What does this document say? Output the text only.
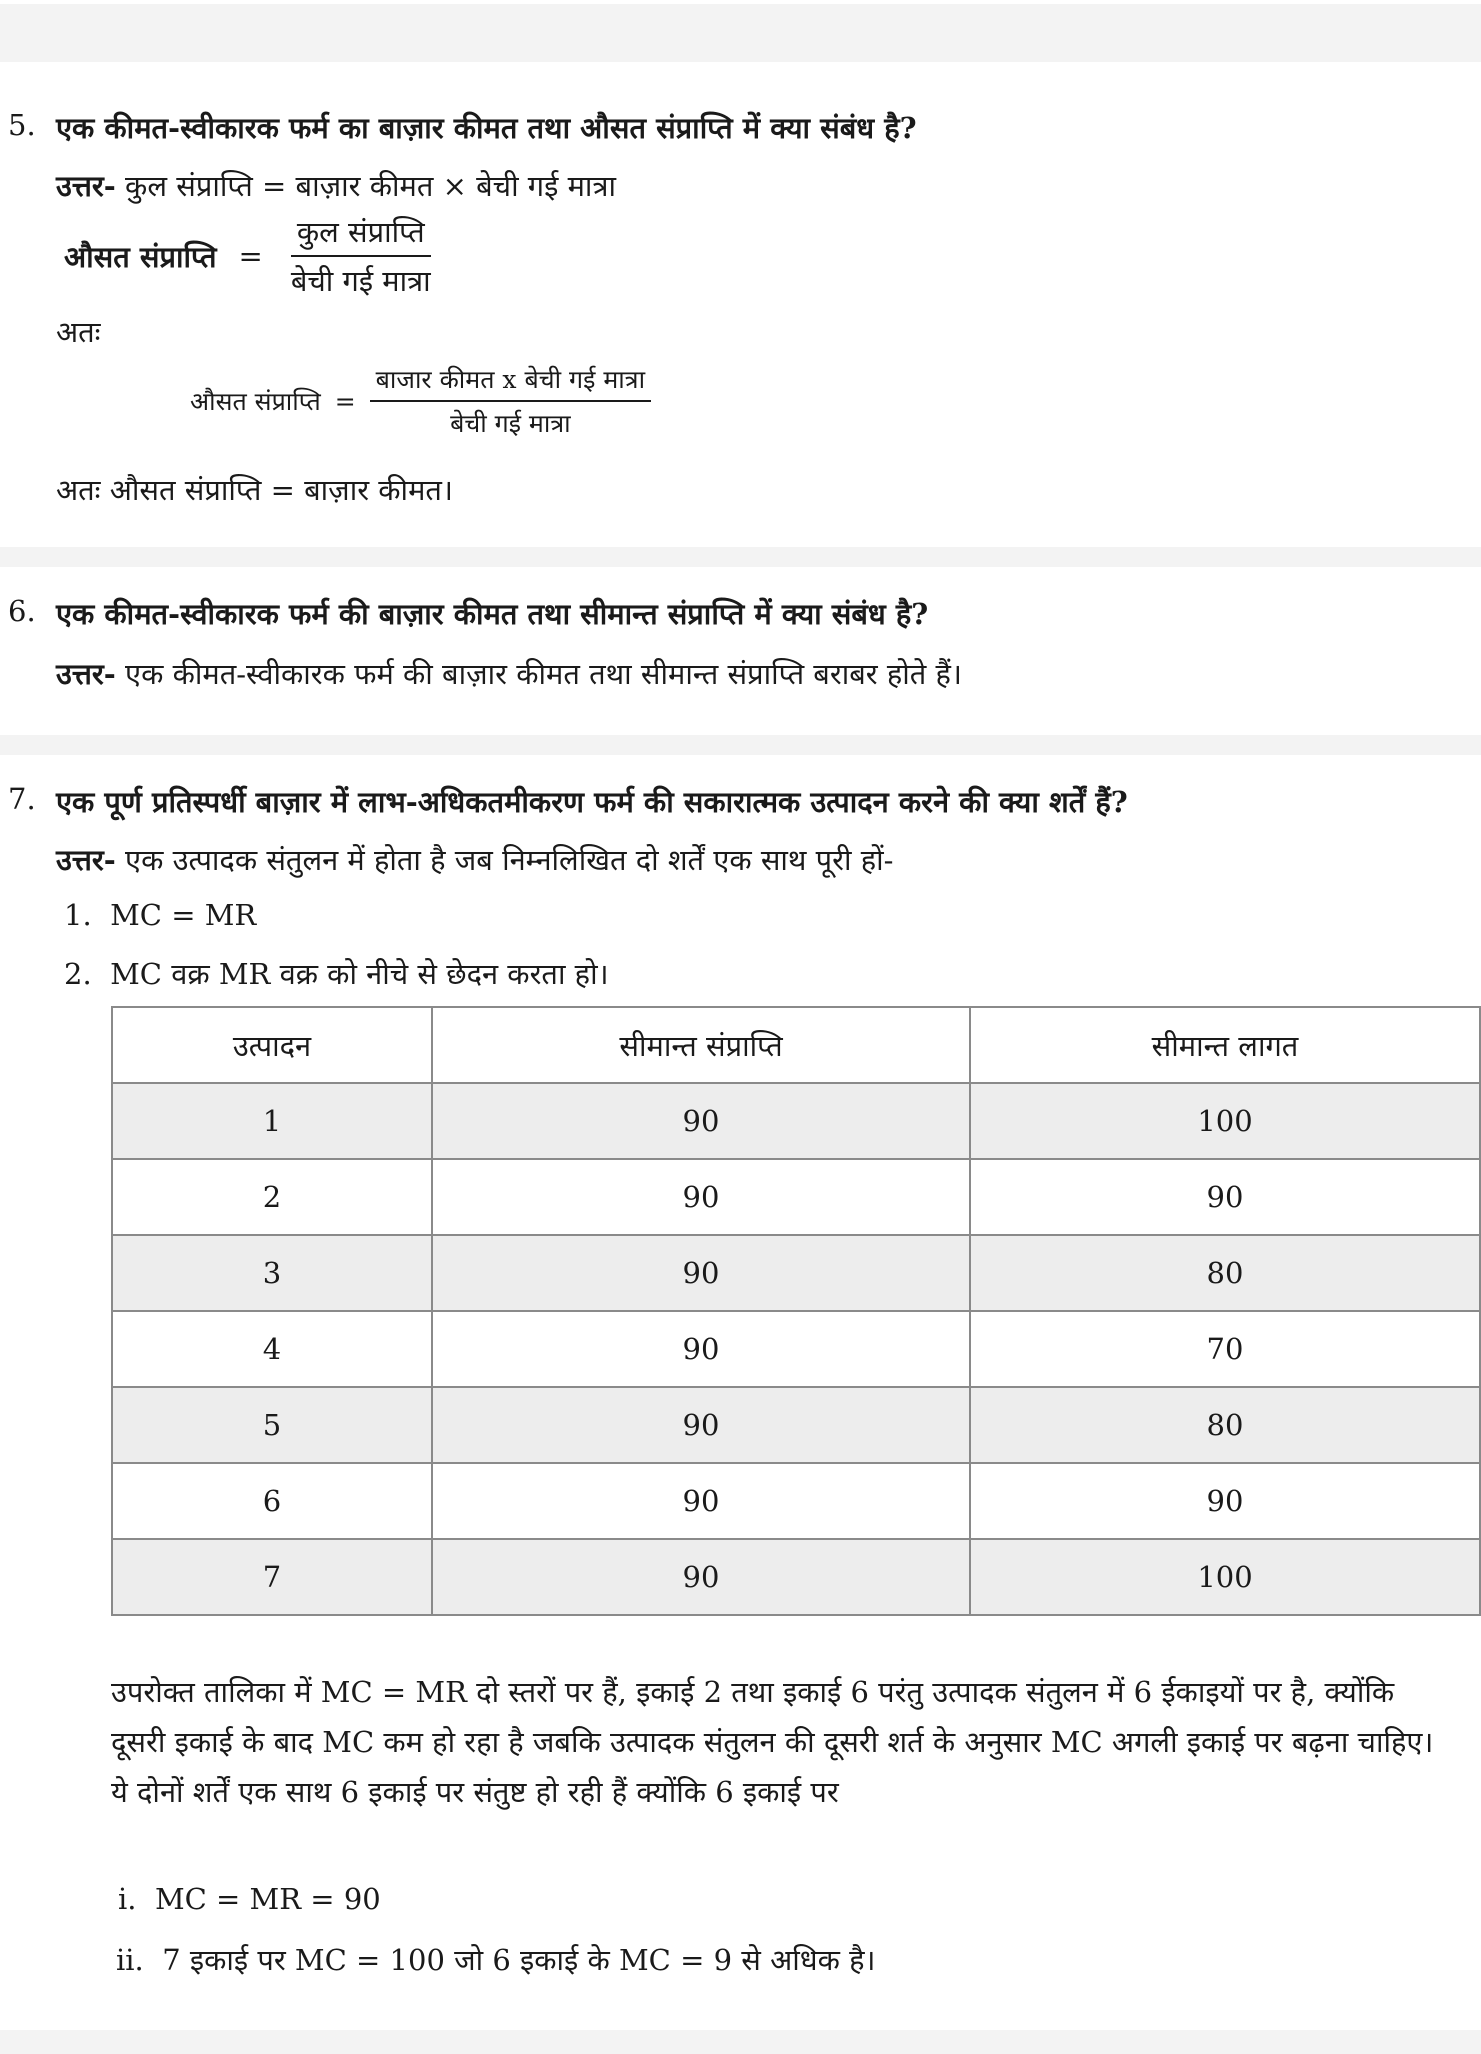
5. एक कीमत-स्वीकारक फर्म का बाज़ार कीमत तथा औसत संप्राप्ति में क्या संबंध है?
उत्तर- कुल संप्राप्ति = बाज़ार कीमत × बेची गई मात्रा
औसत संप्राप्ति = $\frac{\text{कुल संप्राप्ति}}{\text{बेची गई मात्रा}}$
अतः
औसत संप्राप्ति = $\frac{\text{बाजार कीमत x बेची गई मात्रा}}{\text{बेची गई मात्रा}}$
अतः औसत संप्राप्ति = बाज़ार कीमत।
6. एक कीमत-स्वीकारक फर्म की बाज़ार कीमत तथा सीमान्त संप्राप्ति में क्या संबंध है?
उत्तर- एक कीमत-स्वीकारक फर्म की बाज़ार कीमत तथा सीमान्त संप्राप्ति बराबर होते हैं।
7. एक पूर्ण प्रतिस्पर्धी बाज़ार में लाभ-अधिकतमीकरण फर्म की सकारात्मक उत्पादन करने की क्या शर्तें हैं?
उत्तर- एक उत्पादक संतुलन में होता है जब निम्नलिखित दो शर्तें एक साथ पूरी हों-
1. MC = MR
2. MC वक्र MR वक्र को नीचे से छेदन करता हो।
उत्पादन	सीमान्त संप्राप्ति	सीमान्त लागत
1	90	100
2	90	90
3	90	80
4	90	70
5	90	80
6	90	90
7	90	100
उपरोक्त तालिका में MC = MR दो स्तरों पर हैं, इकाई 2 तथा इकाई 6 परंतु उत्पादक संतुलन में 6 ईकाइयों पर है, क्योंकि दूसरी इकाई के बाद MC कम हो रहा है जबकि उत्पादक संतुलन की दूसरी शर्त के अनुसार MC अगली इकाई पर बढ़ना चाहिए। ये दोनों शर्तें एक साथ 6 इकाई पर संतुष्ट हो रही हैं क्योंकि 6 इकाई पर
i. MC = MR = 90
ii. 7 इकाई पर MC = 100 जो 6 इकाई के MC = 9 से अधिक है।
